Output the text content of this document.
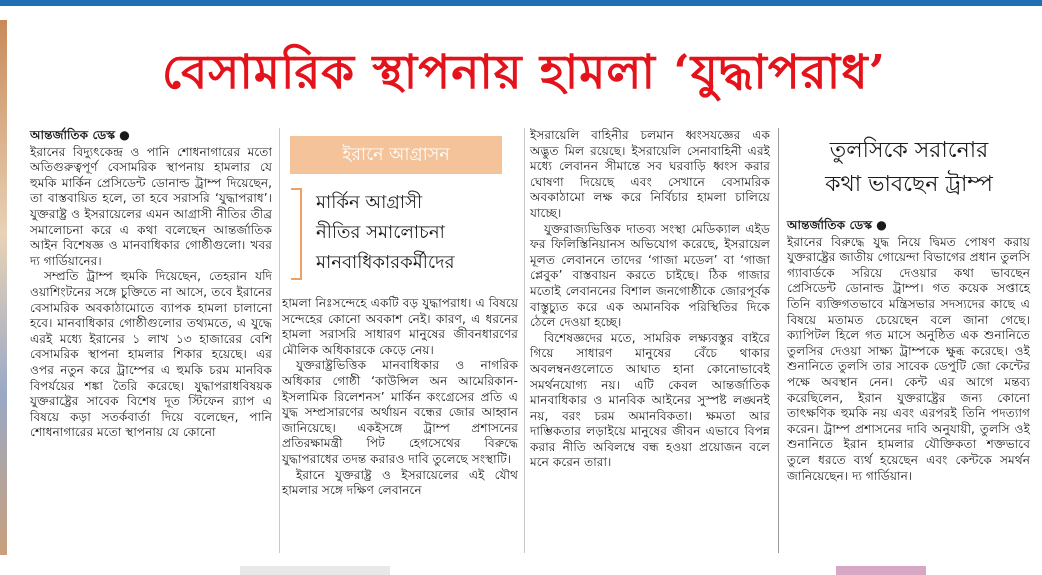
বেসামরিক স্থাপনায় হামলা ‘যুদ্ধাপরাধ’
আন্তর্জাতিক ডেস্ক ●

ইরানের বিদ্যুৎকেন্দ্র ও পানি শোধনাগারের মতো অতিগুরুত্বপূর্ণ বেসামরিক স্থাপনায় হামলার যে হুমকি মার্কিন প্রেসিডেন্ট ডোনাল্ড ট্রাম্প দিয়েছেন, তা বাস্তবায়িত হলে, তা হবে সরাসরি ‘যুদ্ধাপরাধ’। যুক্তরাষ্ট্র ও ইসরায়েলের এমন আগ্রাসী নীতির তীব্র সমালোচনা করে এ কথা বলেছেন আন্তর্জাতিক আইন বিশেষজ্ঞ ও মানবাধিকার গোষ্ঠীগুলো। খবর দ্য গার্ডিয়ানের।

সম্প্রতি ট্রাম্প হুমকি দিয়েছেন, তেহরান যদি ওয়াশিংটনের সঙ্গে চুক্তিতে না আসে, তবে ইরানের বেসামরিক অবকাঠামোতে ব্যাপক হামলা চালানো হবে। মানবাধিকার গোষ্ঠীগুলোর তথ্যমতে, এ যুদ্ধে এরই মধ্যে ইরানের ১ লাখ ১৩ হাজারের বেশি বেসামরিক স্থাপনা হামলার শিকার হয়েছে। এর ওপর নতুন করে ট্রাম্পের এ হুমকি চরম মানবিক বিপর্যয়ের শঙ্কা তৈরি করেছে। যুদ্ধাপরাধবিষয়ক যুক্তরাষ্ট্রের সাবেক বিশেষ দূত স্টিফেন র‍্যাপ এ বিষয়ে কড়া সতর্কবার্তা দিয়ে বলেছেন, পানি শোধনাগারের মতো স্থাপনায় যে কোনো

ইরানে আগ্রাসন
মার্কিন আগ্রাসী
নীতির সমালোচনা
মানবাধিকারকর্মীদের

হামলা নিঃসন্দেহে একটি বড় যুদ্ধাপরাধ। এ বিষয়ে সন্দেহের কোনো অবকাশ নেই। কারণ, এ ধরনের হামলা সরাসরি সাধারণ মানুষের জীবনধারণের মৌলিক অধিকারকে কেড়ে নেয়।

যুক্তরাষ্ট্রভিত্তিক মানবাধিকার ও নাগরিক অধিকার গোষ্ঠী ‘কাউন্সিল অন আমেরিকান-ইসলামিক রিলেশনস’ মার্কিন কংগ্রেসের প্রতি এ যুদ্ধ সম্প্রসারণের অর্থায়ন বন্ধের জোর আহ্বান জানিয়েছে। একইসঙ্গে ট্রাম্প প্রশাসনের প্রতিরক্ষামন্ত্রী পিট হেগসেথের বিরুদ্ধে যুদ্ধাপরাধের তদন্ত করারও দাবি তুলেছে সংস্থাটি।

ইরানে যুক্তরাষ্ট্র ও ইসরায়েলের এই যৌথ হামলার সঙ্গে দক্ষিণ লেবাননে

ইসরায়েলি বাহিনীর চলমান ধ্বংসযজ্ঞের এক অদ্ভুত মিল রয়েছে। ইসরায়েলি সেনাবাহিনী এরই মধ্যে লেবানন সীমান্তে সব ঘরবাড়ি ধ্বংস করার ঘোষণা দিয়েছে এবং সেখানে বেসামরিক অবকাঠামো লক্ষ করে নির্বিচার হামলা চালিয়ে যাচ্ছে।

যুক্তরাজ্যভিত্তিক দাতব্য সংস্থা মেডিক্যাল এইড ফর ফিলিস্তিনিয়ানস অভিযোগ করেছে, ইসরায়েল মূলত লেবাননে তাদের ‘গাজা মডেল’ বা ‘গাজা প্লেবুক’ বাস্তবায়ন করতে চাইছে। ঠিক গাজার মতোই লেবাননের বিশাল জনগোষ্ঠীকে জোরপূর্বক বাস্তুচ্যুত করে এক অমানবিক পরিস্থিতির দিকে ঠেলে দেওয়া হচ্ছে।

বিশেষজ্ঞদের মতে, সামরিক লক্ষ্যবস্তুর বাইরে গিয়ে সাধারণ মানুষের বেঁচে থাকার অবলম্বনগুলোতে আঘাত হানা কোনোভাবেই সমর্থনযোগ্য নয়। এটি কেবল আন্তর্জাতিক মানবাধিকার ও মানবিক আইনের সুস্পষ্ট লঙ্ঘনই নয়, বরং চরম অমানবিকতা। ক্ষমতা আর দাম্ভিকতার লড়াইয়ে মানুষের জীবন এভাবে বিপন্ন করার নীতি অবিলম্বে বন্ধ হওয়া প্রয়োজন বলে মনে করেন তারা।

তুলসিকে সরানোর
কথা ভাবছেন ট্রাম্প
আন্তর্জাতিক ডেস্ক ●

ইরানের বিরুদ্ধে যুদ্ধ নিয়ে দ্বিমত পোষণ করায় যুক্তরাষ্ট্রের জাতীয় গোয়েন্দা বিভাগের প্রধান তুলসি গ্যাবার্ডকে সরিয়ে দেওয়ার কথা ভাবছেন প্রেসিডেন্ট ডোনাল্ড ট্রাম্প। গত কয়েক সপ্তাহে তিনি ব্যক্তিগতভাবে মন্ত্রিসভার সদস্যদের কাছে এ বিষয়ে মতামত চেয়েছেন বলে জানা গেছে। ক্যাপিটল হিলে গত মাসে অনুষ্ঠিত এক শুনানিতে তুলসির দেওয়া সাক্ষ্য ট্রাম্পকে ক্ষুব্ধ করেছে। ওই শুনানিতে তুলসি তার সাবেক ডেপুটি জো কেন্টের পক্ষে অবস্থান নেন। কেন্ট এর আগে মন্তব্য করেছিলেন, ইরান যুক্তরাষ্ট্রের জন্য কোনো তাৎক্ষণিক হুমকি নয় এবং এরপরই তিনি পদত্যাগ করেন। ট্রাম্প প্রশাসনের দাবি অনুযায়ী, তুলসি ওই শুনানিতে ইরান হামলার যৌক্তিকতা শক্তভাবে তুলে ধরতে ব্যর্থ হয়েছেন এবং কেন্টকে সমর্থন জানিয়েছেন। দ্য গার্ডিয়ান।
